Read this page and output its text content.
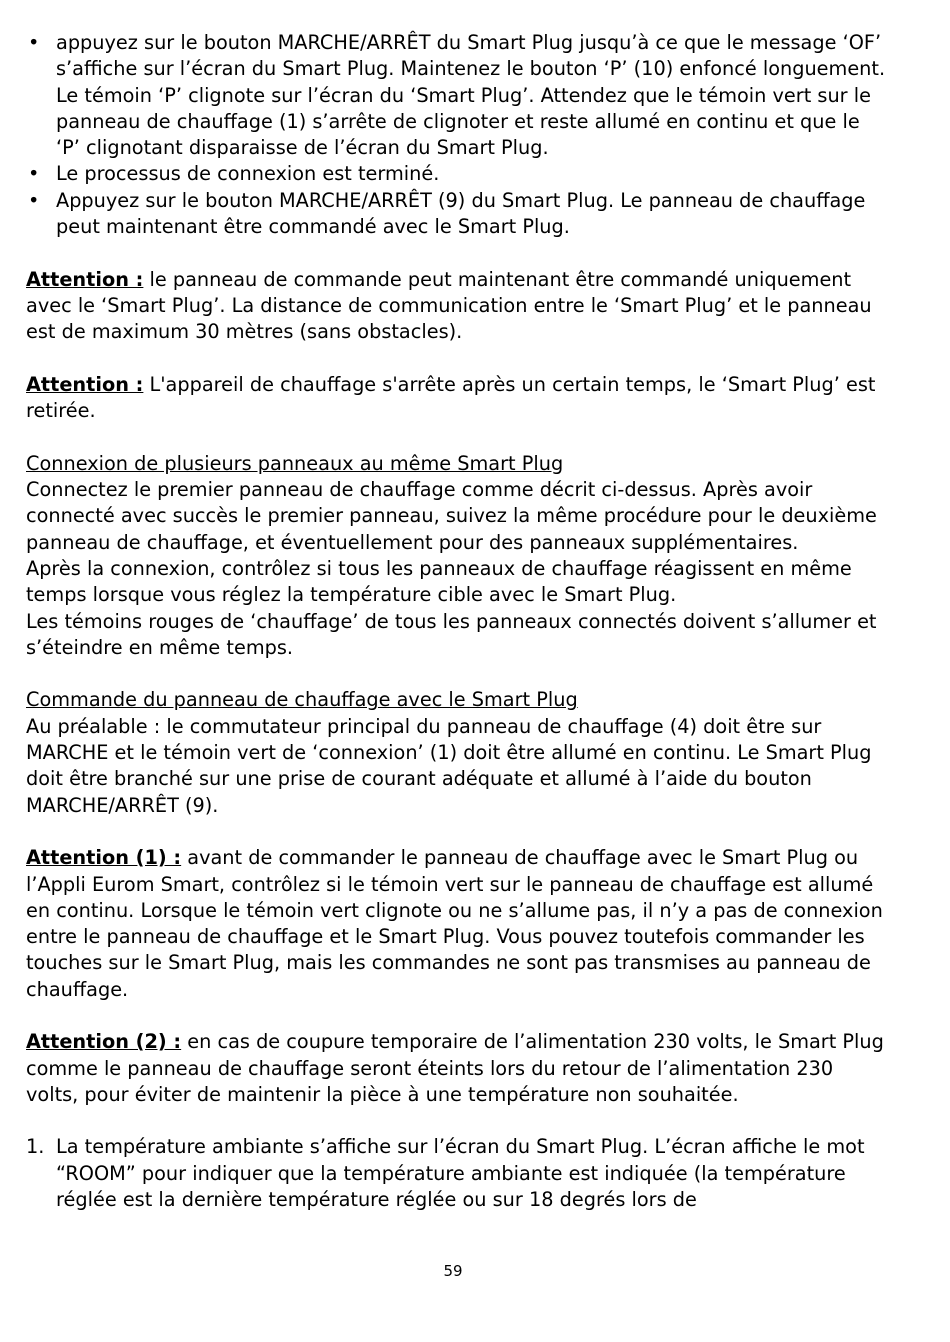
• appuyez sur le bouton MARCHE/ARRÊT du Smart Plug jusqu’à ce que le message ‘OF’ s’affiche sur l’écran du Smart Plug. Maintenez le bouton ‘P’ (10) enfoncé longuement. Le témoin ‘P’ clignote sur l’écran du ‘Smart Plug’. Attendez que le témoin vert sur le panneau de chauffage (1) s’arrête de clignoter et reste allumé en continu et que le ‘P’ clignotant disparaisse de l’écran du Smart Plug.
• Le processus de connexion est terminé.
• Appuyez sur le bouton MARCHE/ARRÊT (9) du Smart Plug. Le panneau de chauffage peut maintenant être commandé avec le Smart Plug.

Attention : le panneau de commande peut maintenant être commandé uniquement avec le ‘Smart Plug’. La distance de communication entre le ‘Smart Plug’ et le panneau est de maximum 30 mètres (sans obstacles).

Attention : L'appareil de chauffage s'arrête après un certain temps, le ‘Smart Plug’ est retirée.

Connexion de plusieurs panneaux au même Smart Plug

Connectez le premier panneau de chauffage comme décrit ci-dessus. Après avoir connecté avec succès le premier panneau, suivez la même procédure pour le deuxième panneau de chauffage, et éventuellement pour des panneaux supplémentaires.

Après la connexion, contrôlez si tous les panneaux de chauffage réagissent en même temps lorsque vous réglez la température cible avec le Smart Plug.

Les témoins rouges de ‘chauffage’ de tous les panneaux connectés doivent s’allumer et s’éteindre en même temps.

Commande du panneau de chauffage avec le Smart Plug

Au préalable : le commutateur principal du panneau de chauffage (4) doit être sur MARCHE et le témoin vert de ‘connexion’ (1) doit être allumé en continu. Le Smart Plug doit être branché sur une prise de courant adéquate et allumé à l’aide du bouton MARCHE/ARRÊT (9).

Attention (1) : avant de commander le panneau de chauffage avec le Smart Plug ou l’Appli Eurom Smart, contrôlez si le témoin vert sur le panneau de chauffage est allumé en continu. Lorsque le témoin vert clignote ou ne s’allume pas, il n’y a pas de connexion entre le panneau de chauffage et le Smart Plug. Vous pouvez toutefois commander les touches sur le Smart Plug, mais les commandes ne sont pas transmises au panneau de chauffage.

Attention (2) : en cas de coupure temporaire de l’alimentation 230 volts, le Smart Plug comme le panneau de chauffage seront éteints lors du retour de l’alimentation 230 volts, pour éviter de maintenir la pièce à une température non souhaitée.

1. La température ambiante s’affiche sur l’écran du Smart Plug. L’écran affiche le mot “ROOM” pour indiquer que la température ambiante est indiquée (la température réglée est la dernière température réglée ou sur 18 degrés lors de
59
